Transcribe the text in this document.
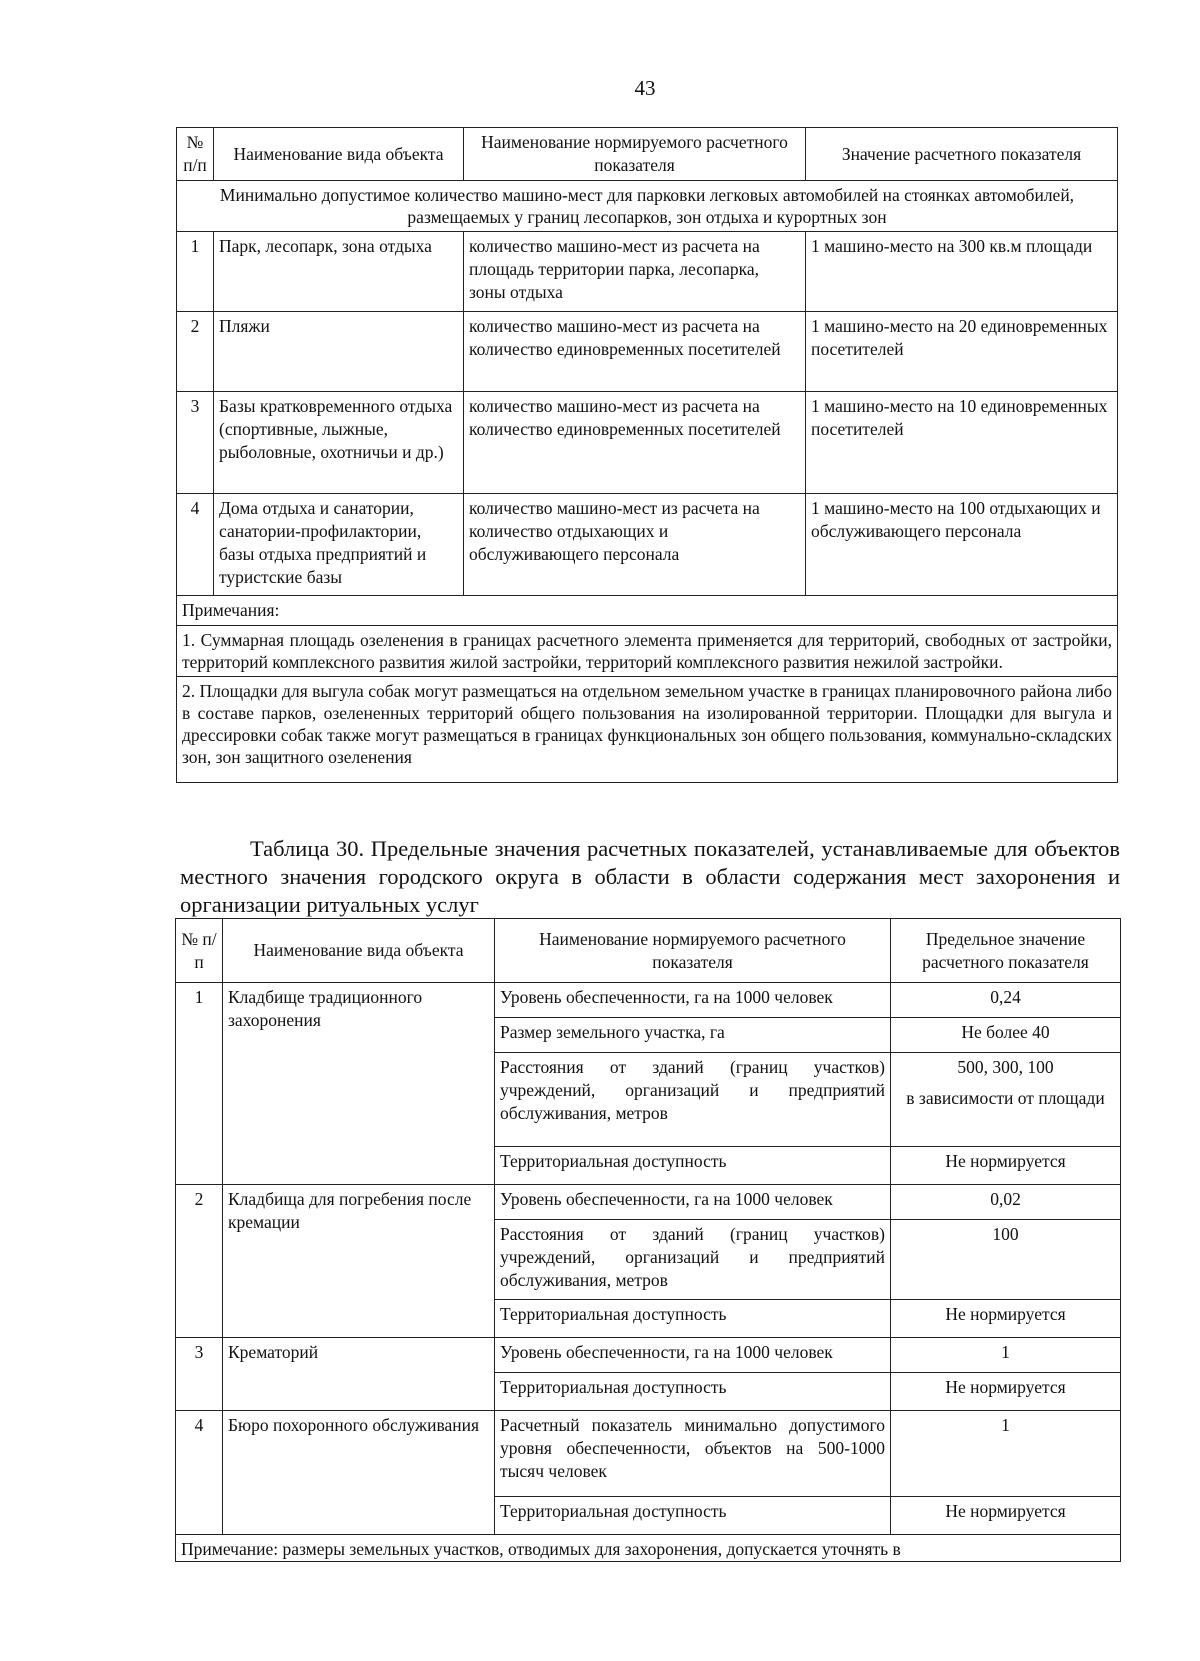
43
№ п/п	Наименование вида объекта	Наименование нормируемого расчетного показателя	Значение расчетного показателя
Минимально допустимое количество машино-мест для парковки легковых автомобилей на стоянках автомобилей, размещаемых у границ лесопарков, зон отдыха и курортных зон			
1	Парк, лесопарк, зона отдыха	количество машино-мест из расчета на площадь территории парка, лесопарка, зоны отдыха	1 машино-место на 300 кв.м площади
2	Пляжи	количество машино-мест из расчета на количество единовременных посетителей	1 машино-место на 20 единовременных посетителей
3	Базы кратковременного отдыха (спортивные, лыжные, рыболовные, охотничьи и др.)	количество машино-мест из расчета на количество единовременных посетителей	1 машино-место на 10 единовременных посетителей
4	Дома отдыха и санатории, санатории-профилактории, базы отдыха предприятий и туристские базы	количество машино-мест из расчета на количество отдыхающих и обслуживающего персонала	1 машино-место на 100 отдыхающих и обслуживающего персонала

Примечания:
1. Суммарная площадь озеленения в границах расчетного элемента применяется для территорий, свободных от застройки, территорий комплексного развития жилой застройки, территорий комплексного развития нежилой застройки.
2. Площадки для выгула собак могут размещаться на отдельном земельном участке в границах планировочного района либо в составе парков, озелененных территорий общего пользования на изолированной территории. Площадки для выгула и дрессировки собак также могут размещаться в границах функциональных зон общего пользования, коммунально-складских зон, зон защитного озеленения			
Таблица 30. Предельные значения расчетных показателей, устанавливаемые для объектов местного значения городского округа в области в области содержания мест захоронения и организации ритуальных услуг
№ п/п	Наименование вида объекта	Наименование нормируемого расчетного показателя	Предельное значение расчетного показателя
1	Кладбище традиционного захоронения	Уровень обеспеченности, га на 1000 человек	0,24
		Размер земельного участка, га	Не более 40
		Расстояния от зданий (границ участков) учреждений, организаций и предприятий обслуживания, метров	500, 300, 100
в зависимости от площади

		Территориальная доступность	Не нормируется
2	Кладбища для погребения после кремации	Уровень обеспеченности, га на 1000 человек	0,02
		Расстояния от зданий (границ участков) учреждений, организаций и предприятий обслуживания, метров	100
		Территориальная доступность	Не нормируется
3	Крематорий	Уровень обеспеченности, га на 1000 человек	1
		Территориальная доступность	Не нормируется
4	Бюро похоронного обслуживания	Расчетный показатель минимально допустимого уровня обеспеченности, объектов на 500-1000 тысяч человек	1
		Территориальная доступность	Не нормируется
Примечание: размеры земельных участков, отводимых для захоронения, допускается уточнять в			
